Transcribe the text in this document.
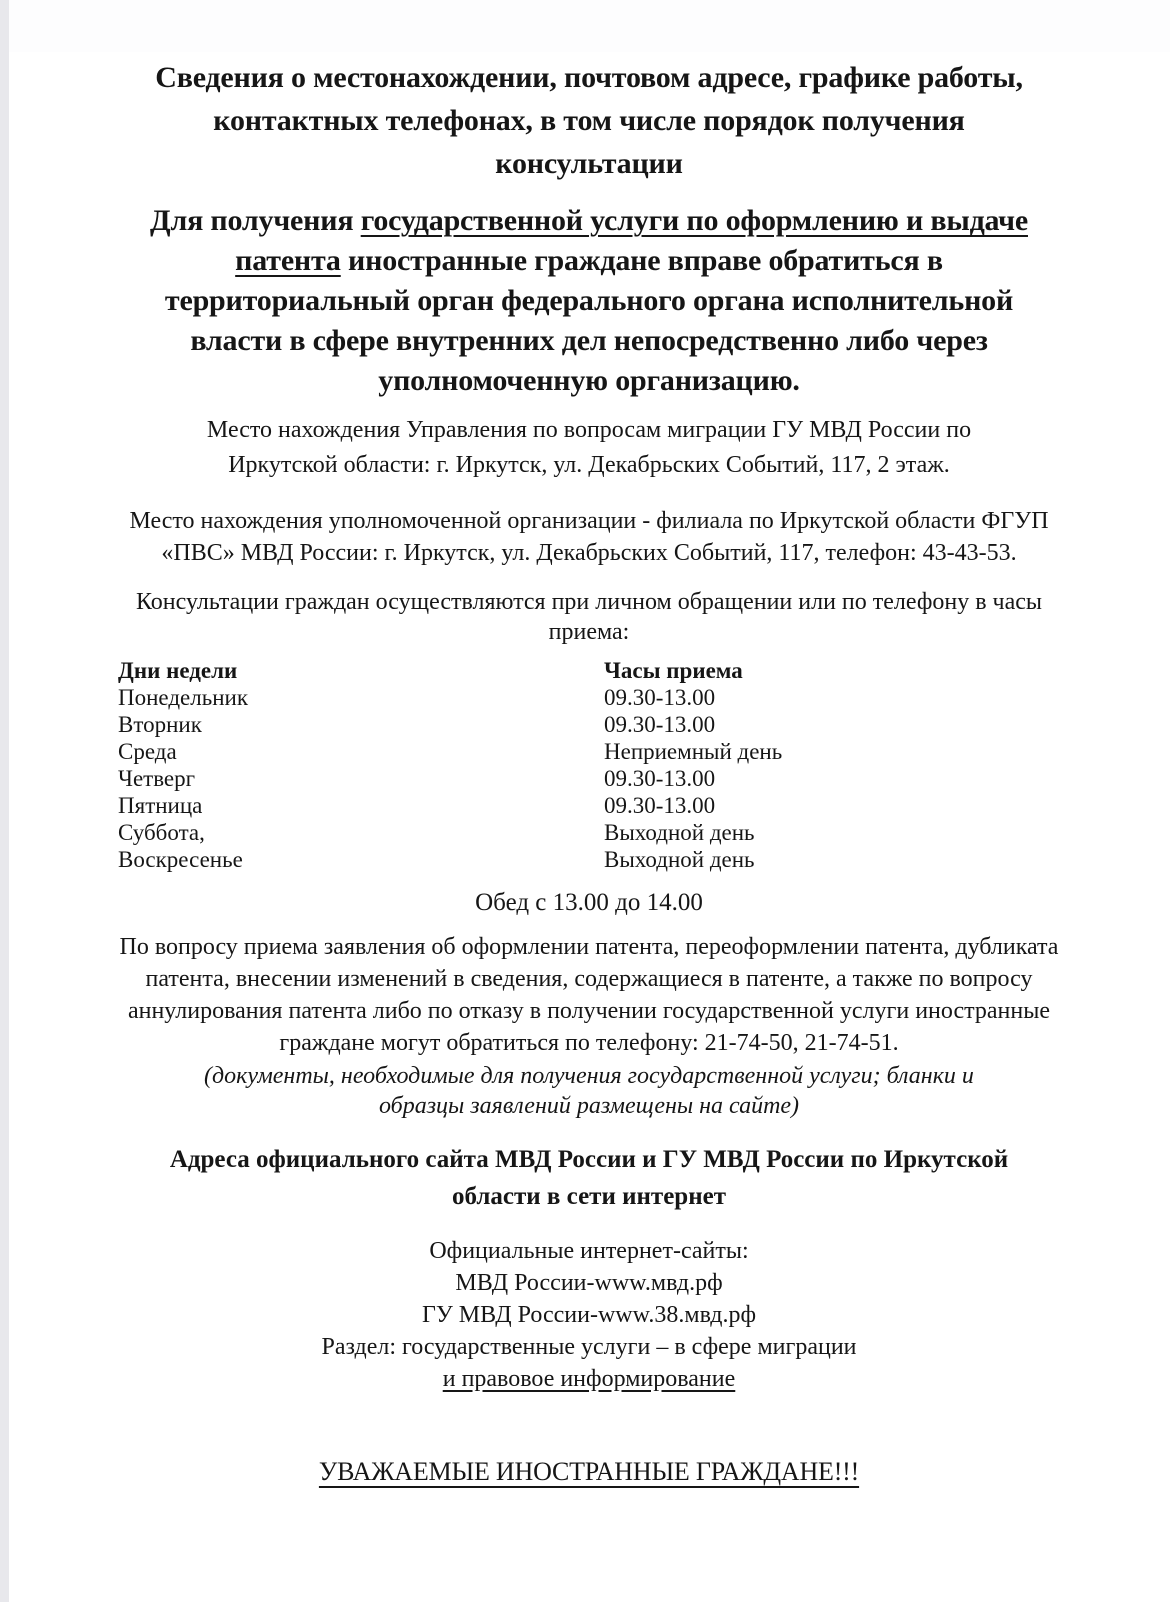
Сведения о местонахождении, почтовом адресе, графике работы, контактных телефонах, в том числе порядок получения консультации
Для получения государственной услуги по оформлению и выдаче патента иностранные граждане вправе обратиться в территориальный орган федерального органа исполнительной власти в сфере внутренних дел непосредственно либо через уполномоченную организацию.
Место нахождения Управления по вопросам миграции ГУ МВД России по Иркутской области: г. Иркутск, ул. Декабрьских Событий, 117, 2 этаж.
Место нахождения уполномоченной организации - филиала по Иркутской области ФГУП «ПВС» МВД России: г. Иркутск, ул. Декабрьских Событий, 117, телефон: 43-43-53.
Консультации граждан осуществляются при личном обращении или по телефону в часы приема:
Дни недели	Часы приема
Понедельник	09.30-13.00
Вторник	09.30-13.00
Среда	Неприемный день
Четверг	09.30-13.00
Пятница	09.30-13.00
Суббота,	Выходной день
Воскресенье	Выходной день
Обед с 13.00 до 14.00
По вопросу приема заявления об оформлении патента, переоформлении патента, дубликата патента, внесении изменений в сведения, содержащиеся в патенте, а также по вопросу аннулирования патента либо по отказу в получении государственной услуги иностранные граждане могут обратиться по телефону: 21-74-50, 21-74-51.
(документы, необходимые для получения государственной услуги; бланки и образцы заявлений размещены на сайте)
Адреса официального сайта МВД России и ГУ МВД России по Иркутской области в сети интернет
Официальные интернет-сайты:
МВД России-www.мвд.рф
ГУ МВД России-www.38.мвд.рф
Раздел: государственные услуги – в сфере миграции
и правовое информирование
УВАЖАЕМЫЕ ИНОСТРАННЫЕ ГРАЖДАНЕ!!!
